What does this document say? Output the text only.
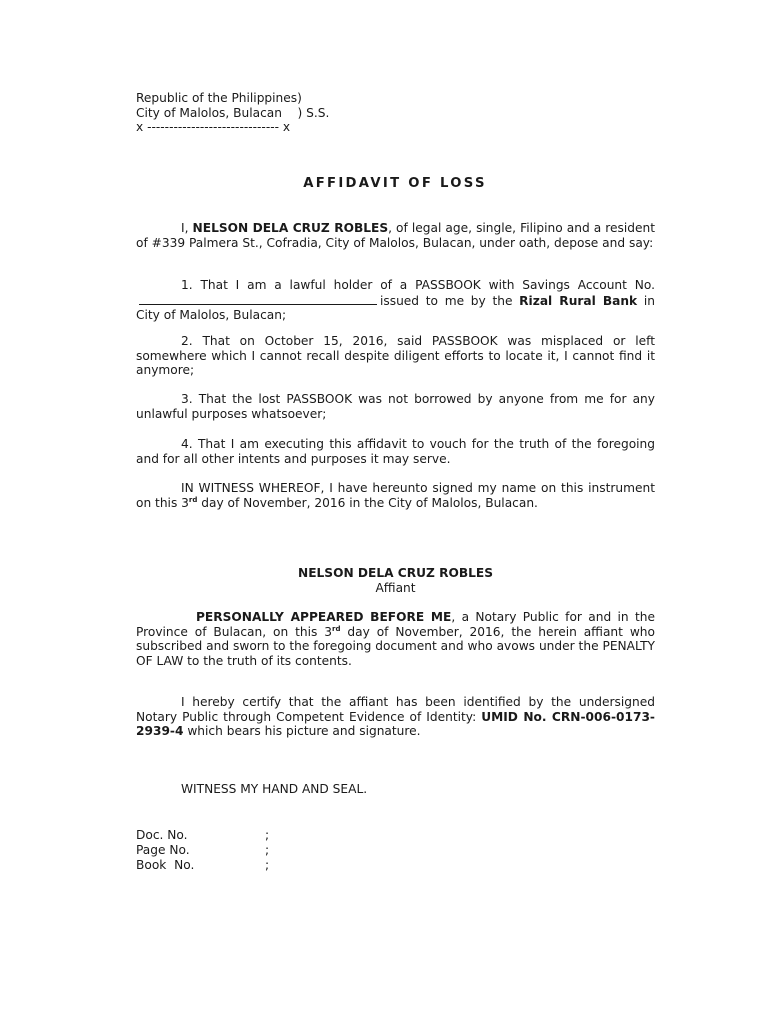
Republic of the Philippines)
City of Malolos, Bulacan    ) S.S.
x ------------------------------ x
AFFIDAVIT OF LOSS
I, NELSON DELA CRUZ ROBLES, of legal age, single, Filipino and a resident of #339 Palmera St., Cofradia, City of Malolos, Bulacan, under oath, depose and say:
1. That I am a lawful holder of a PASSBOOK with Savings Account No.issued to me by the Rizal Rural Bank in City of Malolos, Bulacan;
2. That on October 15, 2016, said PASSBOOK was misplaced or left somewhere which I cannot recall despite diligent efforts to locate it, I cannot find it anymore;
3. That the lost PASSBOOK was not borrowed by anyone from me for any unlawful purposes whatsoever;
4. That I am executing this affidavit to vouch for the truth of the foregoing and for all other intents and purposes it may serve.
IN WITNESS WHEREOF, I have hereunto signed my name on this instrument on this 3rd day of November, 2016 in the City of Malolos, Bulacan.
NELSON DELA CRUZ ROBLES
Affiant
PERSONALLY APPEARED BEFORE ME, a Notary Public for and in the Province of Bulacan, on this 3rd day of November, 2016, the herein affiant who subscribed and sworn to the foregoing document and who avows under the PENALTY OF LAW to the truth of its contents.
I hereby certify that the affiant has been identified by the undersigned Notary Public through Competent Evidence of Identity: UMID No. CRN-006-0173-2939-4 which bears his picture and signature.
WITNESS MY HAND AND SEAL.
Doc. No.	;
Page No.	;
Book  No.	;
